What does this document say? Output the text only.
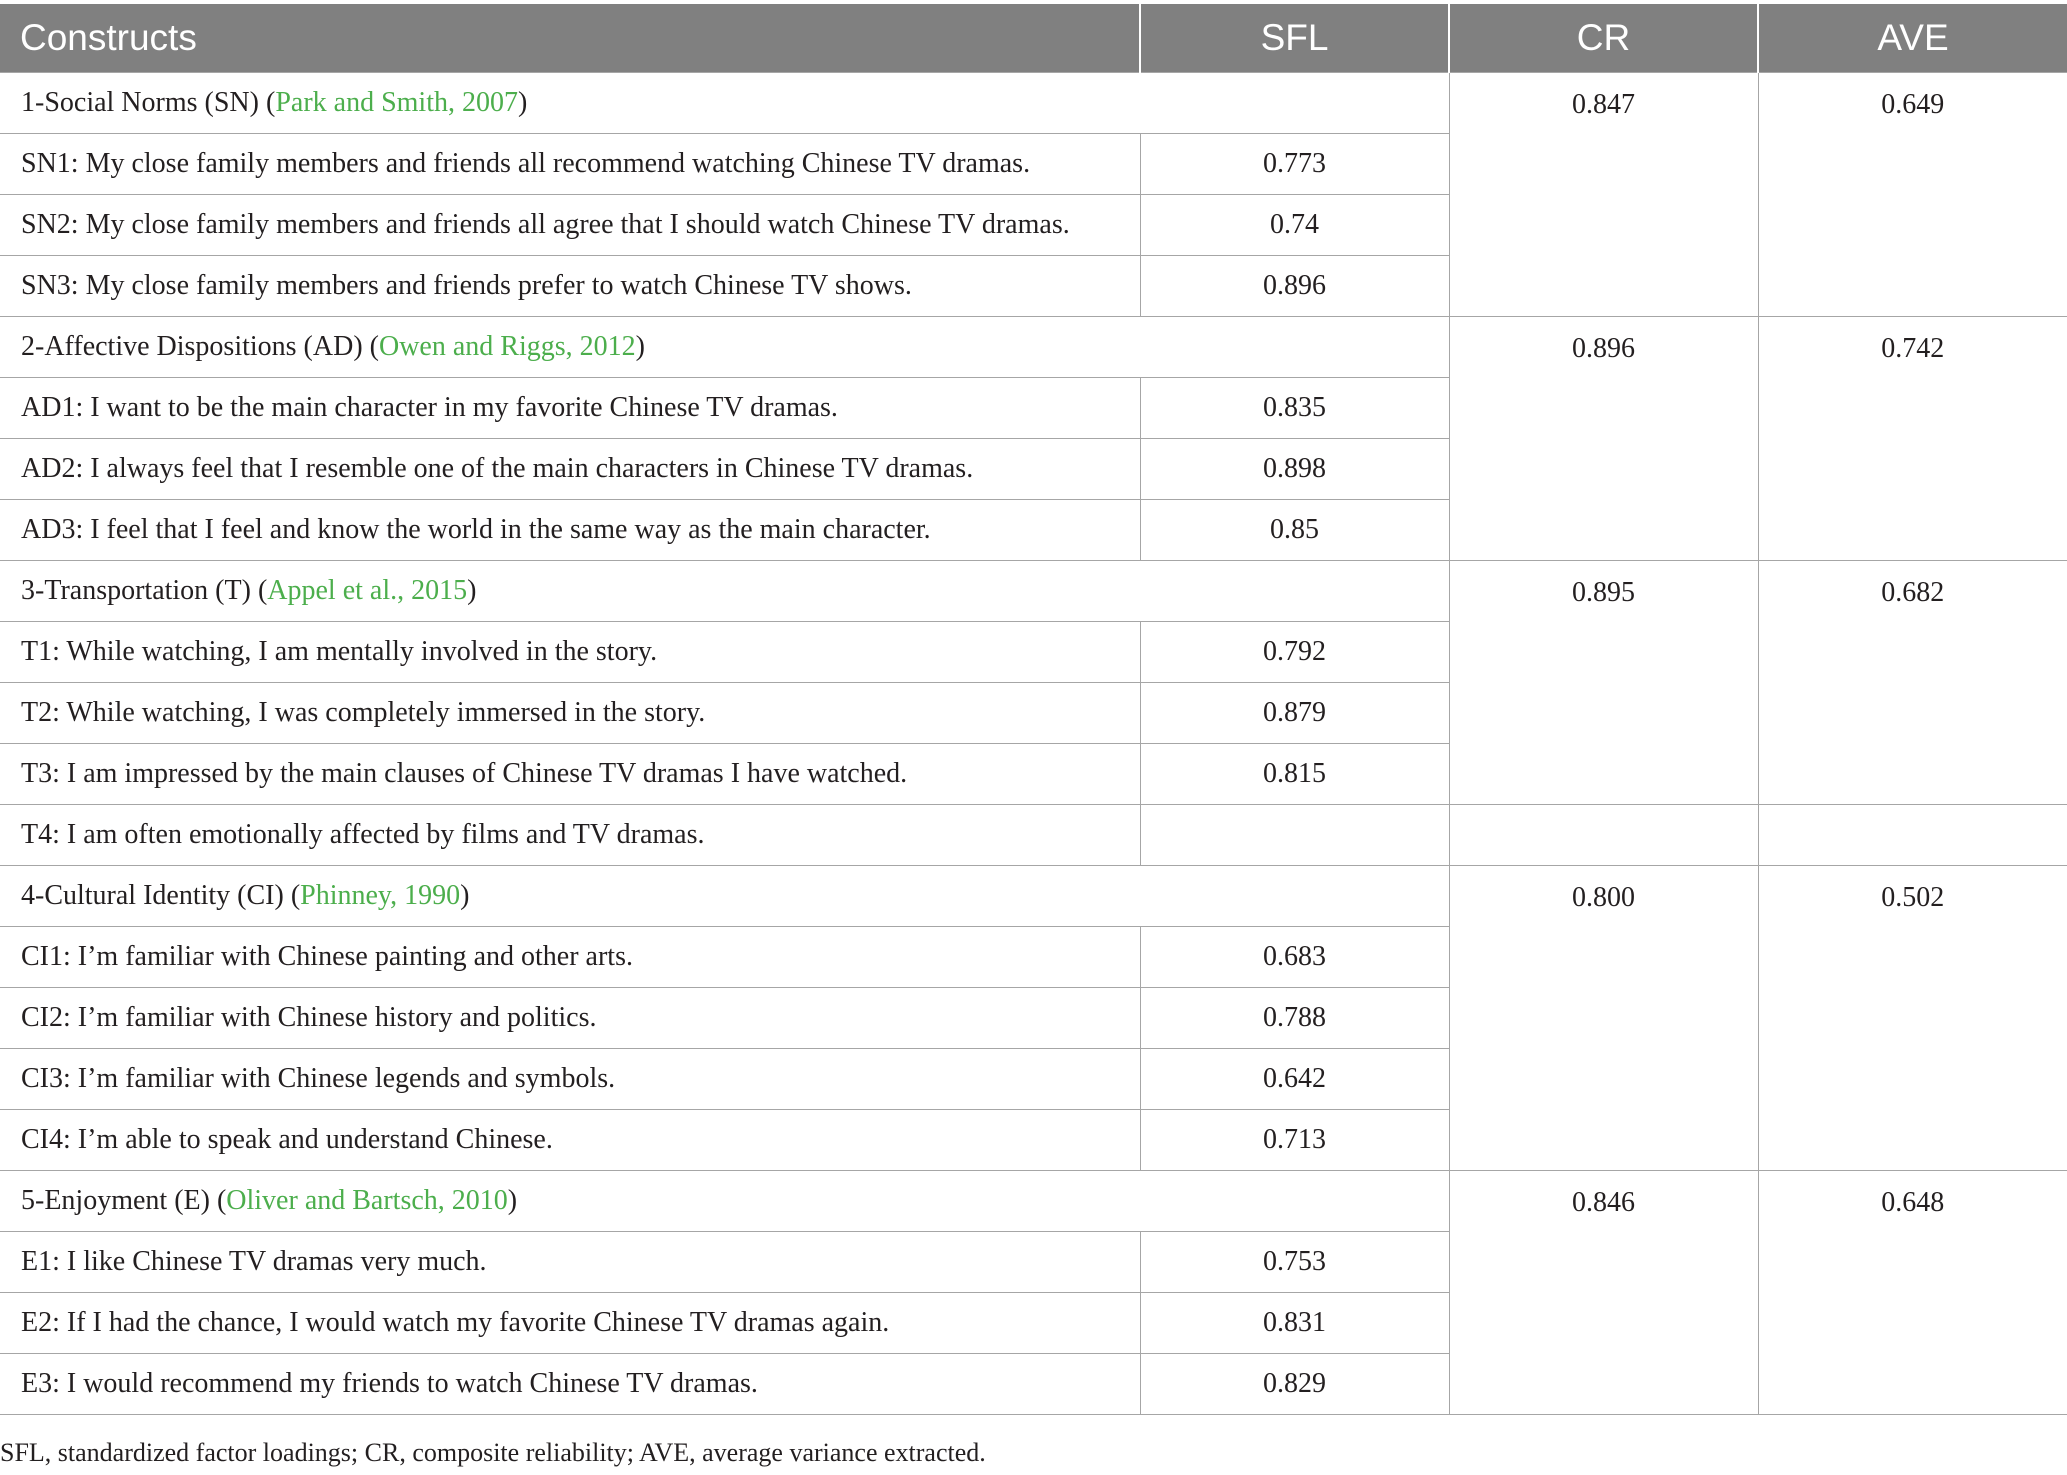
Constructs	SFL	CR	AVE
1-Social Norms (SN) (Park and Smith, 2007)		0.847	0.649
SN1: My close family members and friends all recommend watching Chinese TV dramas.	0.773		
SN2: My close family members and friends all agree that I should watch Chinese TV dramas.	0.74		
SN3: My close family members and friends prefer to watch Chinese TV shows.	0.896		
2-Affective Dispositions (AD) (Owen and Riggs, 2012)		0.896	0.742
AD1: I want to be the main character in my favorite Chinese TV dramas.	0.835		
AD2: I always feel that I resemble one of the main characters in Chinese TV dramas.	0.898		
AD3: I feel that I feel and know the world in the same way as the main character.	0.85		
3-Transportation (T) (Appel et al., 2015)		0.895	0.682
T1: While watching, I am mentally involved in the story.	0.792		
T2: While watching, I was completely immersed in the story.	0.879		
T3: I am impressed by the main clauses of Chinese TV dramas I have watched.	0.815		
T4: I am often emotionally affected by films and TV dramas.			
4-Cultural Identity (CI) (Phinney, 1990)		0.800	0.502
CI1: I’m familiar with Chinese painting and other arts.	0.683		
CI2: I’m familiar with Chinese history and politics.	0.788		
CI3: I’m familiar with Chinese legends and symbols.	0.642		
CI4: I’m able to speak and understand Chinese.	0.713		
5-Enjoyment (E) (Oliver and Bartsch, 2010)		0.846	0.648
E1: I like Chinese TV dramas very much.	0.753		
E2: If I had the chance, I would watch my favorite Chinese TV dramas again.	0.831		
E3: I would recommend my friends to watch Chinese TV dramas.	0.829		
SFL, standardized factor loadings; CR, composite reliability; AVE, average variance extracted.
